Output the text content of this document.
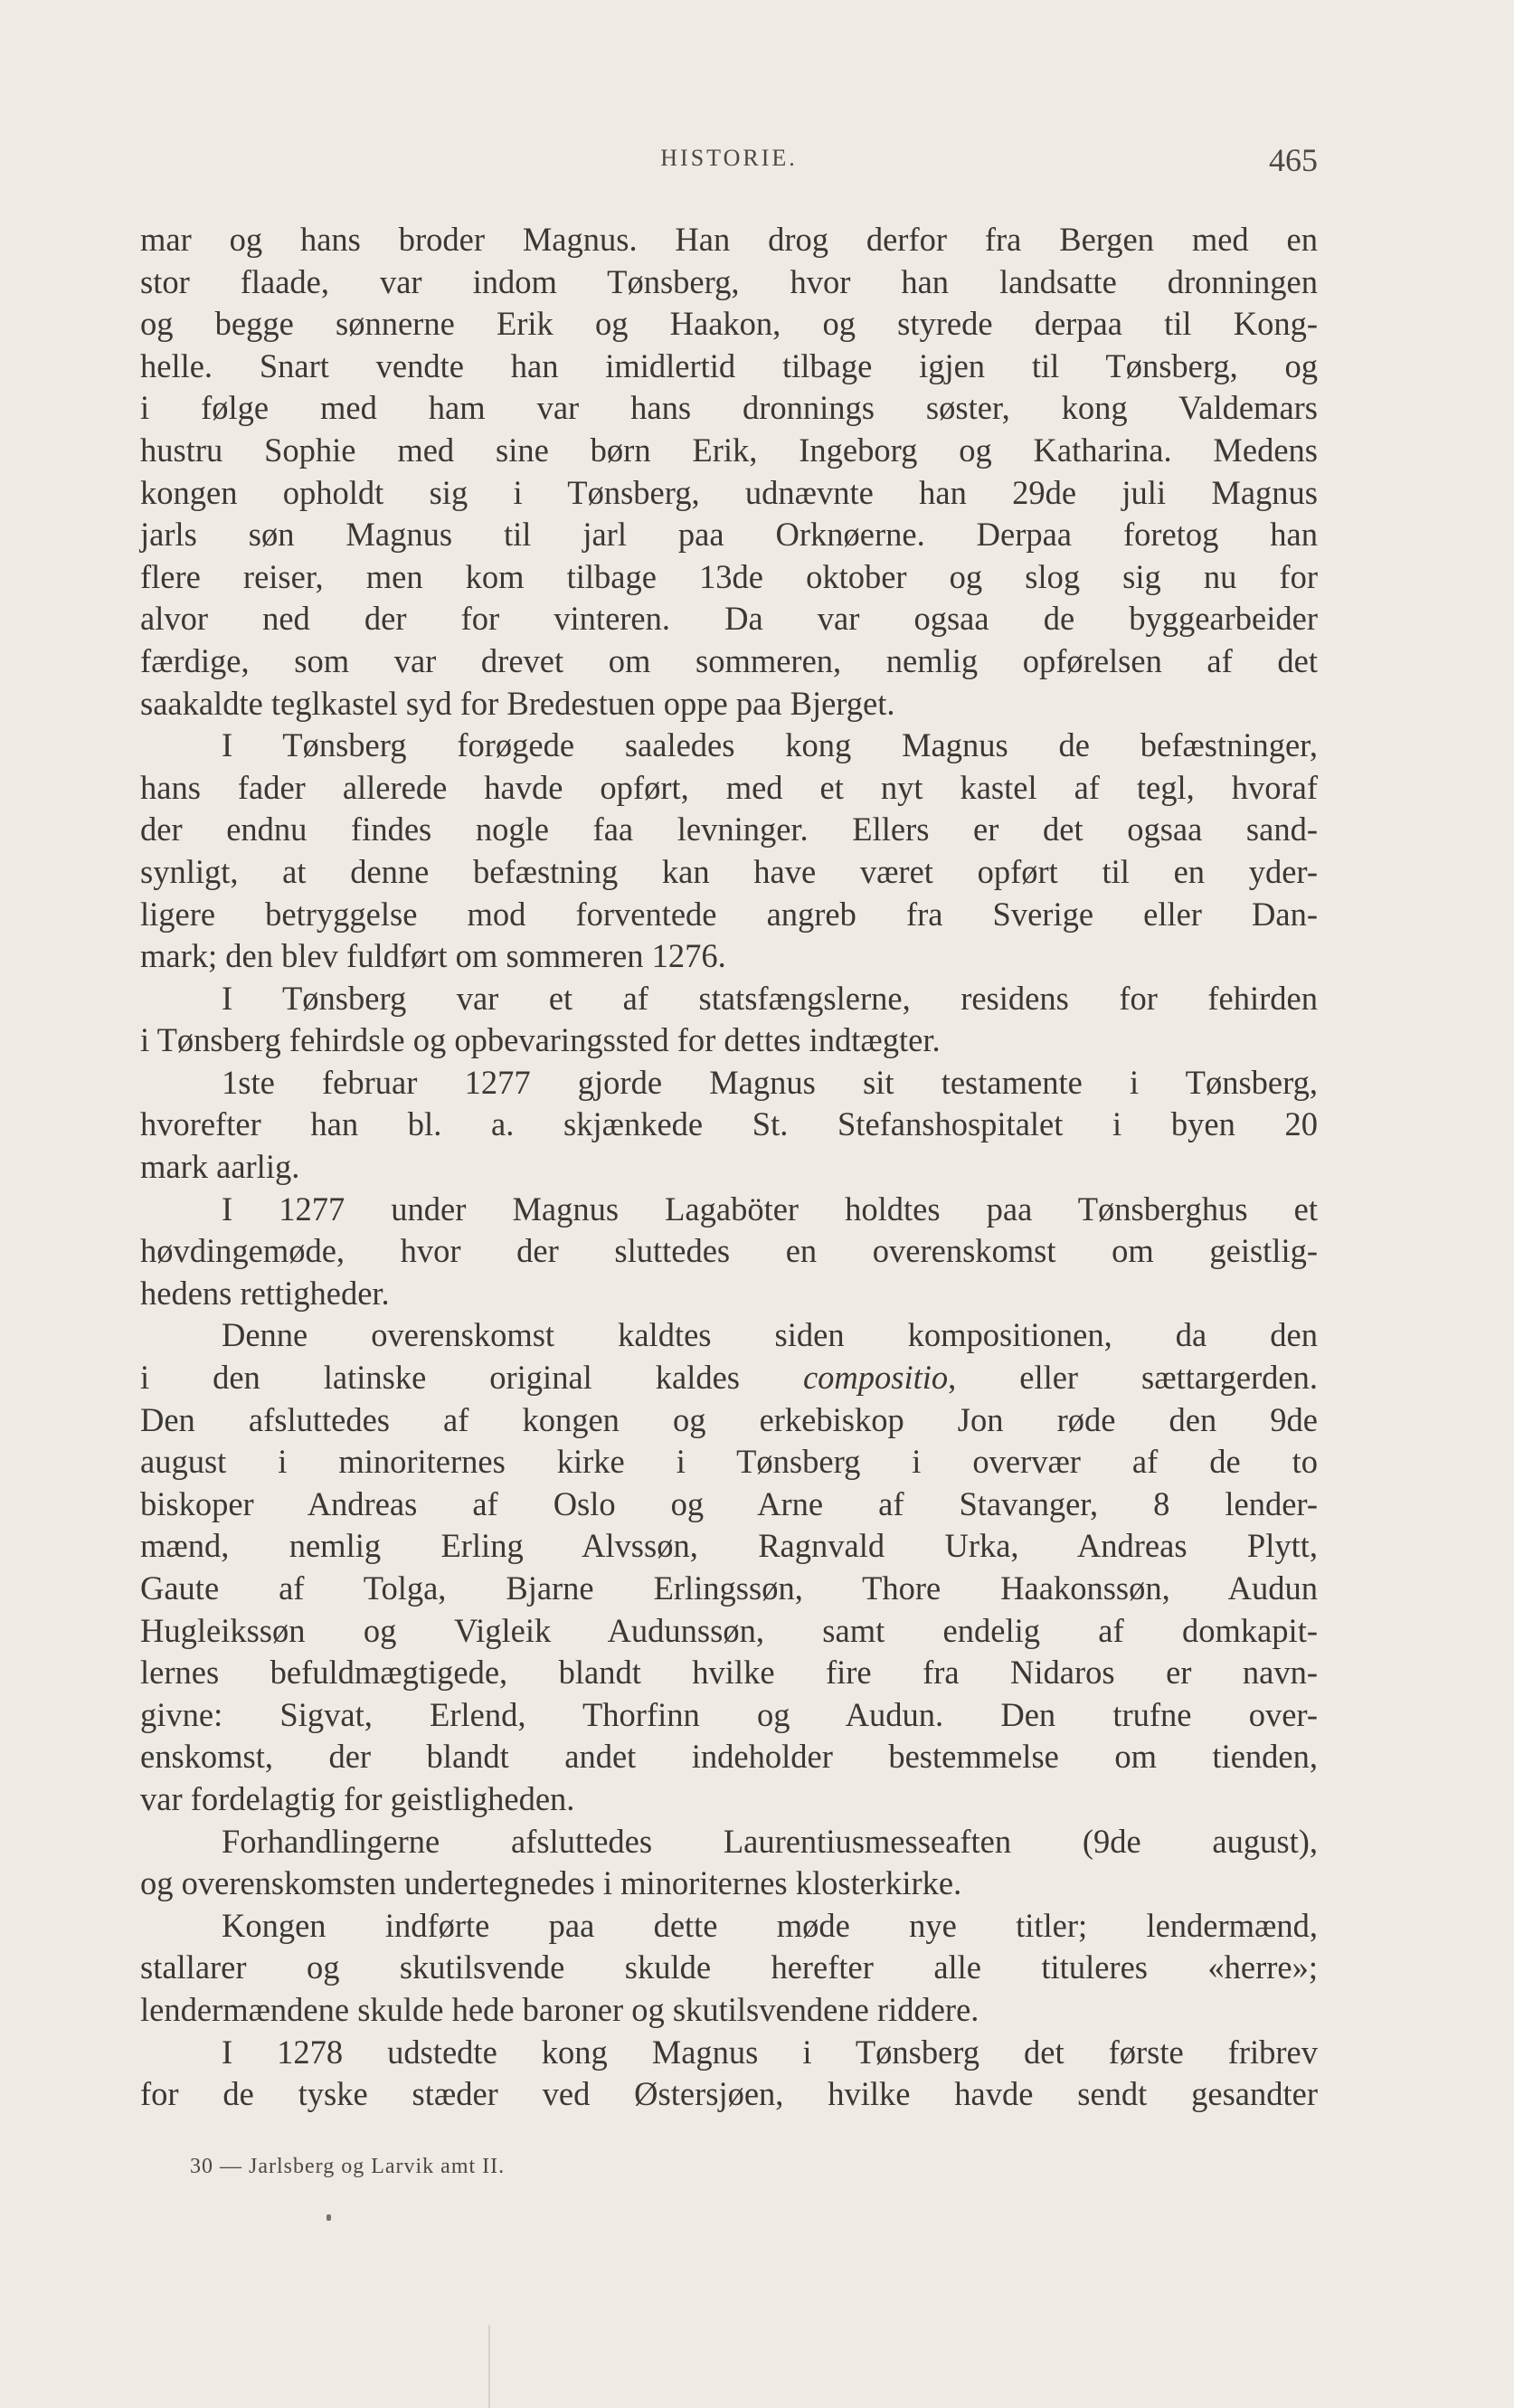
HISTORIE.	465
mar og hans broder Magnus. Han drog derfor fra Bergen med en
stor flaade, var indom Tønsberg, hvor han landsatte dronningen
og begge sønnerne Erik og Haakon, og styrede derpaa til Kong-
helle. Snart vendte han imidlertid tilbage igjen til Tønsberg, og
i følge med ham var hans dronnings søster, kong Valdemars
hustru Sophie med sine børn Erik, Ingeborg og Katharina. Medens
kongen opholdt sig i Tønsberg, udnævnte han 29de juli Magnus
jarls søn Magnus til jarl paa Orknøerne. Derpaa foretog han
flere reiser, men kom tilbage 13de oktober og slog sig nu for
alvor ned der for vinteren. Da var ogsaa de byggearbeider
færdige, som var drevet om sommeren, nemlig opførelsen af det
saakaldte teglkastel syd for Bredestuen oppe paa Bjerget.
I Tønsberg forøgede saaledes kong Magnus de befæstninger,
hans fader allerede havde opført, med et nyt kastel af tegl, hvoraf
der endnu findes nogle faa levninger. Ellers er det ogsaa sand-
synligt, at denne befæstning kan have været opført til en yder-
ligere betryggelse mod forventede angreb fra Sverige eller Dan-
mark; den blev fuldført om sommeren 1276.
I Tønsberg var et af statsfængslerne, residens for fehirden
i Tønsberg fehirdsle og opbevaringssted for dettes indtægter.
1ste februar 1277 gjorde Magnus sit testamente i Tønsberg,
hvorefter han bl. a. skjænkede St. Stefanshospitalet i byen 20
mark aarlig.
I 1277 under Magnus Lagaböter holdtes paa Tønsberghus et
høvdingemøde, hvor der sluttedes en overenskomst om geistlig-
hedens rettigheder.
Denne overenskomst kaldtes siden kompositionen, da den
i den latinske original kaldes compositio, eller sættargerden.
Den afsluttedes af kongen og erkebiskop Jon røde den 9de
august i minoriternes kirke i Tønsberg i overvær af de to
biskoper Andreas af Oslo og Arne af Stavanger, 8 lender-
mænd, nemlig Erling Alvssøn, Ragnvald Urka, Andreas Plytt,
Gaute af Tolga, Bjarne Erlingssøn, Thore Haakonssøn, Audun
Hugleikssøn og Vigleik Audunssøn, samt endelig af domkapit-
lernes befuldmægtigede, blandt hvilke fire fra Nidaros er navn-
givne: Sigvat, Erlend, Thorfinn og Audun. Den trufne over-
enskomst, der blandt andet indeholder bestemmelse om tienden,
var fordelagtig for geistligheden.
Forhandlingerne afsluttedes Laurentiusmesseaften (9de august),
og overenskomsten undertegnedes i minoriternes klosterkirke.
Kongen indførte paa dette møde nye titler; lendermænd,
stallarer og skutilsvende skulde herefter alle tituleres «herre»;
lendermændene skulde hede baroner og skutilsvendene riddere.
I 1278 udstedte kong Magnus i Tønsberg det første fribrev
for de tyske stæder ved Østersjøen, hvilke havde sendt gesandter
30 — Jarlsberg og Larvik amt II.
